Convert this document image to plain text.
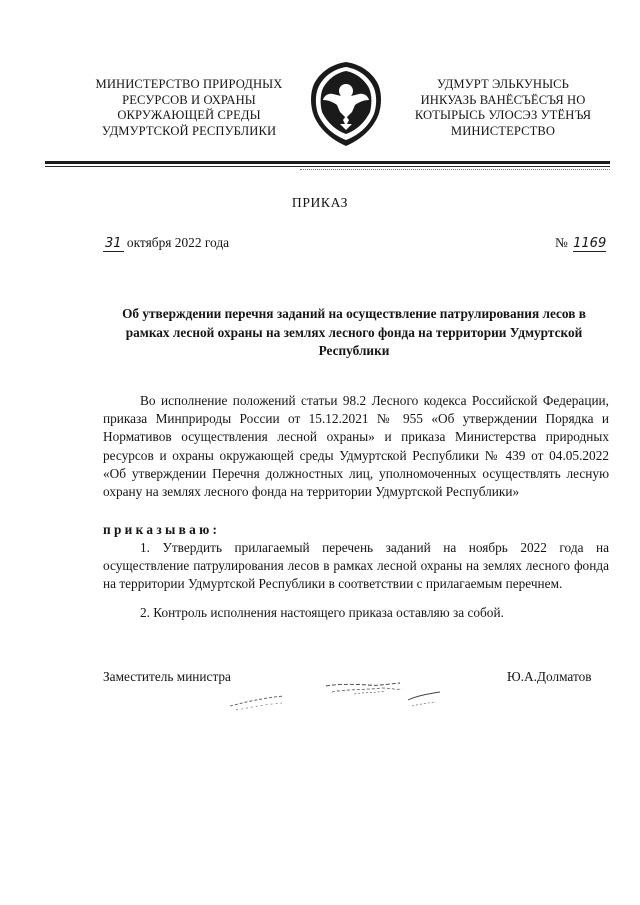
МИНИСТЕРСТВО ПРИРОДНЫХ
РЕСУРСОВ И ОХРАНЫ
ОКРУЖАЮЩЕЙ СРЕДЫ
УДМУРТСКОЙ РЕСПУБЛИКИ
УДМУРТ ЭЛЬКУНЫСЬ
ИНКУАЗЬ ВАНЁСЪЁСЪЯ НО
КОТЫРЫСЬ УЛОСЭЗ УТЁНЪЯ
МИНИСТЕРСТВО
ПРИКАЗ
31 октября 2022 года	№ 1169
Об утверждении перечня заданий на осуществление патрулирования лесов в рамках лесной охраны на землях лесного фонда на территории Удмуртской Республики
Во исполнение положений статьи 98.2 Лесного кодекса Российской Федерации, приказа Минприроды России от 15.12.2021 № 955 «Об утверждении Порядка и Нормативов осуществления лесной охраны» и приказа Министерства природных ресурсов и охраны окружающей среды Удмуртской Республики № 439 от 04.05.2022 «Об утверждении Перечня должностных лиц, уполномоченных осуществлять лесную охрану на землях лесного фонда на территории Удмуртской Республики»
приказываю:
1. Утвердить прилагаемый перечень заданий на ноябрь 2022 года на осуществление патрулирования лесов в рамках лесной охраны на землях лесного фонда на территории Удмуртской Республики в соответствии с прилагаемым перечнем.
2. Контроль исполнения настоящего приказа оставляю за собой.
Заместитель министра	Ю.А.Долматов
